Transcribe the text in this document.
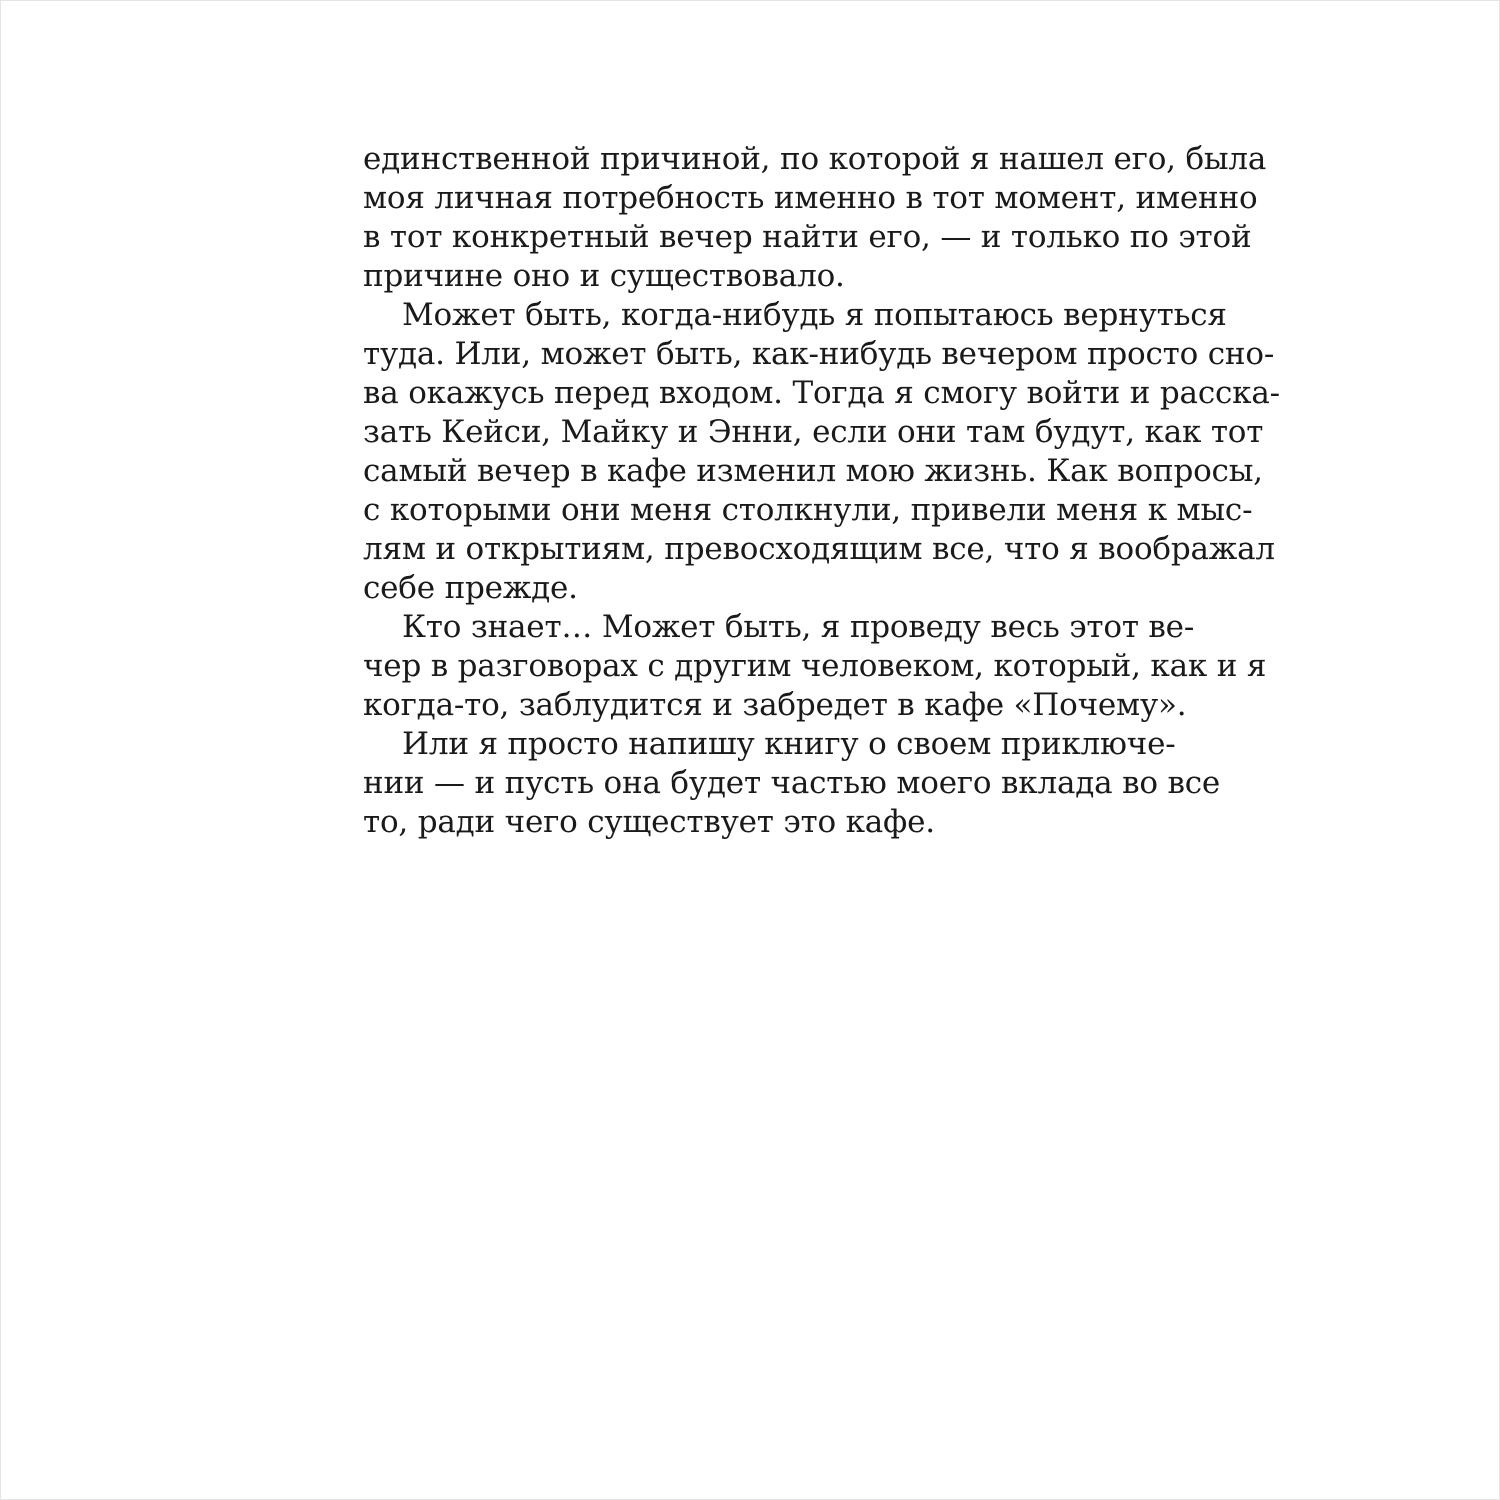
единственной причиной, по которой я нашел его, была
моя личная потребность именно в тот момент, именно
в тот конкретный вечер найти его, — и только по этой
причине оно и существовало.
Может быть, когда-нибудь я попытаюсь вернуться
туда. Или, может быть, как-нибудь вечером просто сно-
ва окажусь перед входом. Тогда я смогу войти и расска-
зать Кейси, Майку и Энни, если они там будут, как тот
самый вечер в кафе изменил мою жизнь. Как вопросы,
с которыми они меня столкнули, привели меня к мыс-
лям и открытиям, превосходящим все, что я воображал
себе прежде.
Кто знает… Может быть, я проведу весь этот ве-
чер в разговорах с другим человеком, который, как и я
когда-то, заблудится и забредет в кафе «Почему».
Или я просто напишу книгу о своем приключе-
нии — и пусть она будет частью моего вклада во все
то, ради чего существует это кафе.
